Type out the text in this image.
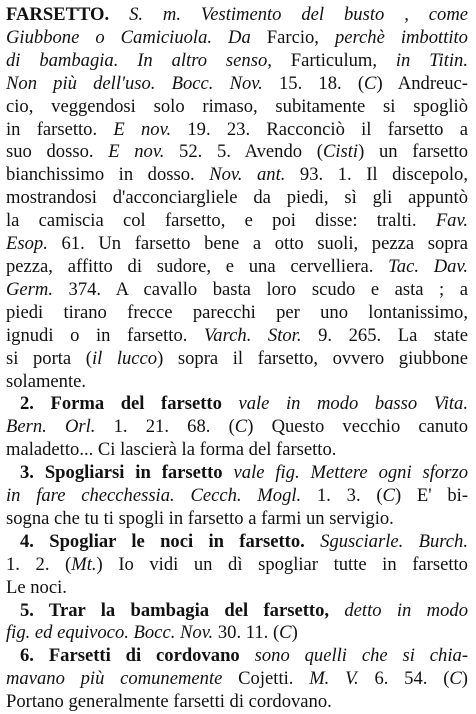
FARSETTO. S. m. Vestimento del busto , come
Giubbone o Camiciuola. Da Farcio, perchè imbottito
di bambagia. In altro senso, Farticulum, in Titin.
Non più dell'uso. Bocc. Nov. 15. 18. (C) Andreuc-
cio, veggendosi solo rimaso, subitamente si spogliò
in farsetto. E nov. 19. 23. Racconciò il farsetto a
suo dosso. E nov. 52. 5. Avendo (Cisti) un farsetto
bianchissimo in dosso. Nov. ant. 93. 1. Il discepolo,
mostrandosi d'acconciargliele da piedi, sì gli appuntò
la camiscia col farsetto, e poi disse: tralti. Fav.
Esop. 61. Un farsetto bene a otto suoli, pezza sopra
pezza, affitto di sudore, e una cervelliera. Tac. Dav.
Germ. 374. A cavallo basta loro scudo e asta ; a
piedi tirano frecce parecchi per uno lontanissimo,
ignudi o in farsetto. Varch. Stor. 9. 265. La state
si porta (il lucco) sopra il farsetto, ovvero giubbone
solamente.
2. Forma del farsetto vale in modo basso Vita.
Bern. Orl. 1. 21. 68. (C) Questo vecchio canuto
maladetto... Ci lascierà la forma del farsetto.
3. Spogliarsi in farsetto vale fig. Mettere ogni sforzo
in fare checchessia. Cecch. Mogl. 1. 3. (C) E' bi-
sogna che tu ti spogli in farsetto a farmi un servigio.
4. Spogliar le noci in farsetto. Sgusciarle. Burch.
1. 2. (Mt.) Io vidi un dì spogliar tutte in farsetto
Le noci.
5. Trar la bambagia del farsetto, detto in modo
fig. ed equivoco. Bocc. Nov. 30. 11. (C)
6. Farsetti di cordovano sono quelli che si chia-
mavano più comunemente Cojetti. M. V. 6. 54. (C)
Portano generalmente farsetti di cordovano.
